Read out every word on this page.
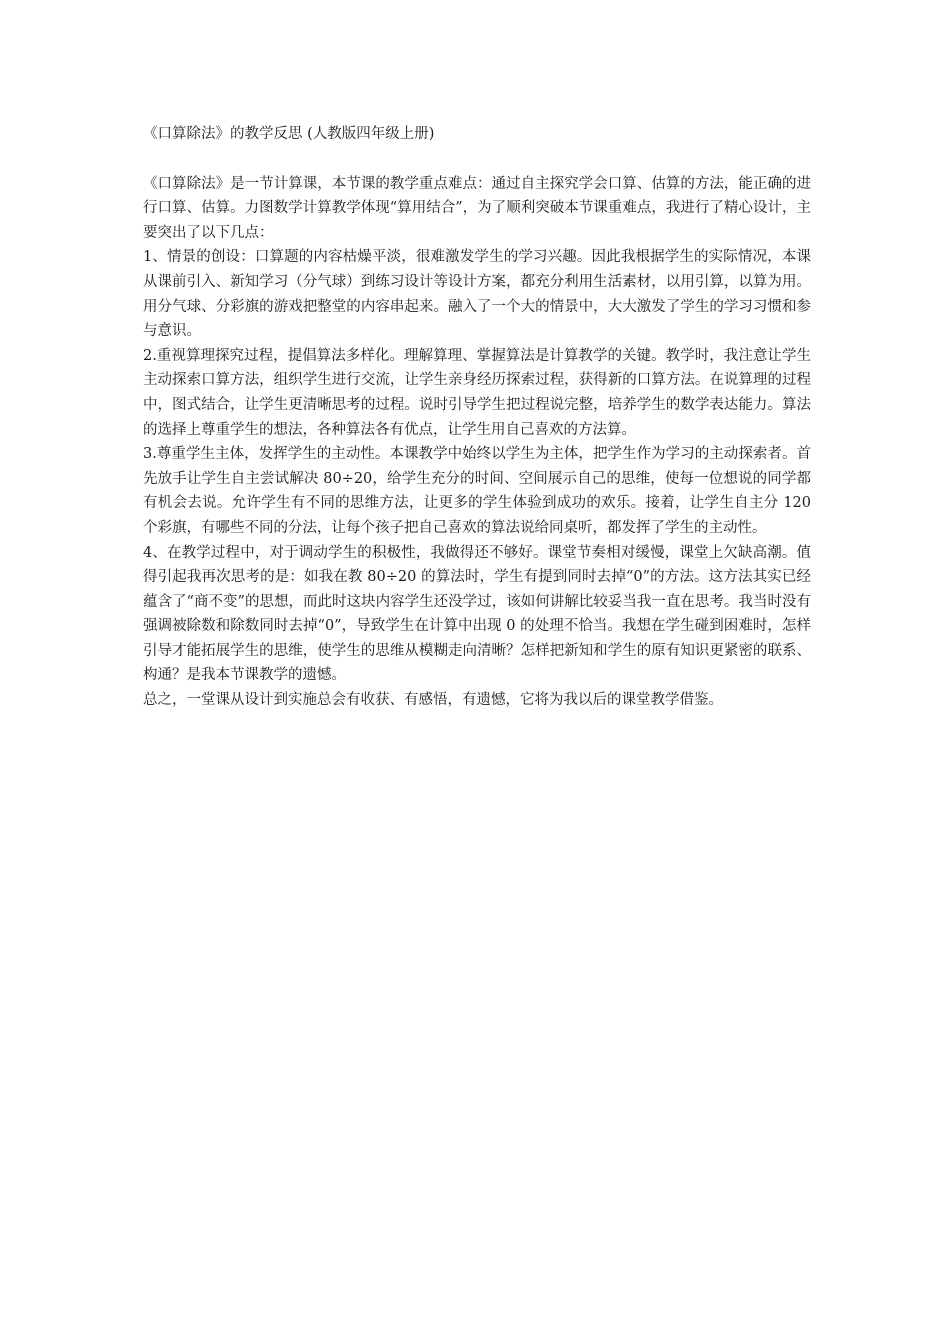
《口算除法》的教学反思 (人教版四年级上册)

《口算除法》是一节计算课，本节课的教学重点难点：通过自主探究学会口算、估算的方法，能正确的进行口算、估算。力图数学计算教学体现“算用结合”，为了顺利突破本节课重难点，我进行了精心设计，主要突出了以下几点：

1、情景的创设：口算题的内容枯燥平淡，很难激发学生的学习兴趣。因此我根据学生的实际情况，本课从课前引入、新知学习（分气球）到练习设计等设计方案，都充分利用生活素材，以用引算，以算为用。用分气球、分彩旗的游戏把整堂的内容串起来。融入了一个大的情景中，大大激发了学生的学习习惯和参与意识。

2.重视算理探究过程，提倡算法多样化。理解算理、掌握算法是计算教学的关键。教学时，我注意让学生主动探索口算方法，组织学生进行交流，让学生亲身经历探索过程，获得新的口算方法。在说算理的过程中，图式结合，让学生更清晰思考的过程。说时引导学生把过程说完整，培养学生的数学表达能力。算法的选择上尊重学生的想法，各种算法各有优点，让学生用自己喜欢的方法算。

3.尊重学生主体，发挥学生的主动性。本课教学中始终以学生为主体，把学生作为学习的主动探索者。首先放手让学生自主尝试解决 80÷20，给学生充分的时间、空间展示自己的思维，使每一位想说的同学都有机会去说。允许学生有不同的思维方法，让更多的学生体验到成功的欢乐。接着，让学生自主分 120 个彩旗，有哪些不同的分法，让每个孩子把自己喜欢的算法说给同桌听，都发挥了学生的主动性。

4、在教学过程中，对于调动学生的积极性，我做得还不够好。课堂节奏相对缓慢，课堂上欠缺高潮。值得引起我再次思考的是：如我在教 80÷20 的算法时，学生有提到同时去掉“0”的方法。这方法其实已经蕴含了“商不变”的思想，而此时这块内容学生还没学过，该如何讲解比较妥当我一直在思考。我当时没有强调被除数和除数同时去掉“0”，导致学生在计算中出现 0 的处理不恰当。我想在学生碰到困难时，怎样引导才能拓展学生的思维，使学生的思维从模糊走向清晰？怎样把新知和学生的原有知识更紧密的联系、构通？是我本节课教学的遗憾。

总之，一堂课从设计到实施总会有收获、有感悟，有遗憾，它将为我以后的课堂教学借鉴。
